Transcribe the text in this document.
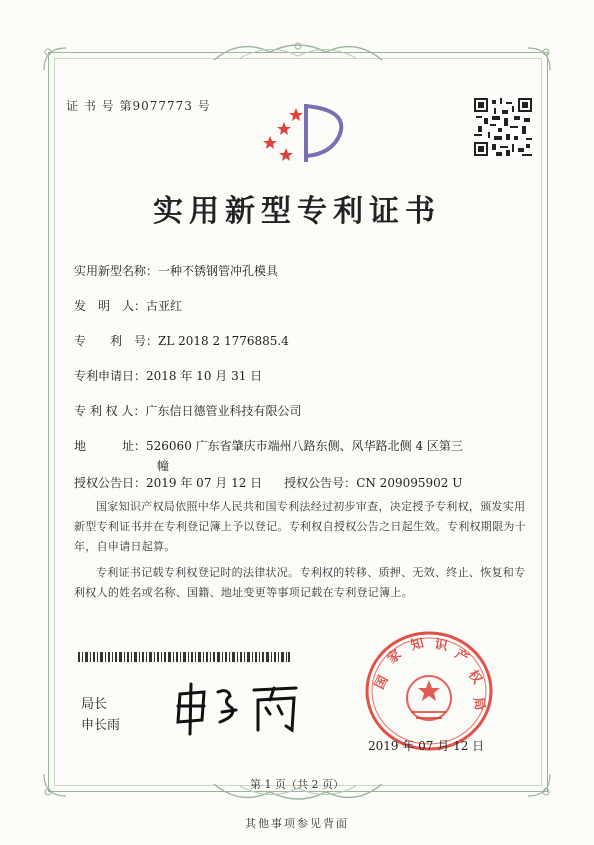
证 书 号 第9077773 号
实用新型专利证书
实用新型名称：一种不锈钢管冲孔模具
发　明　人：古亚红
专　　利　号：ZL 2018 2 1776885.4
专利申请日：2018 年 10 月 31 日
专 利 权 人：广东信日德管业科技有限公司
地　　　址：526060 广东省肇庆市端州八路东侧、风华路北侧 4 区第三
幢
授权公告日：2019 年 07 月 12 日 授权公告号：CN 209095902 U
国家知识产权局依照中华人民共和国专利法经过初步审查，决定授予专利权，颁发实用新型专利证书并在专利登记簿上予以登记。专利权自授权公告之日起生效。专利权期限为十年，自申请日起算。
专利证书记载专利权登记时的法律状况。专利权的转移、质押、无效、终止、恢复和专利权人的姓名或名称、国籍、地址变更等事项记载在专利登记簿上。
局长
申长雨
国
家
知 识
产
权
局
2019 年 07 月 12 日
第 1 页（共 2 页）
其他事项参见背面
